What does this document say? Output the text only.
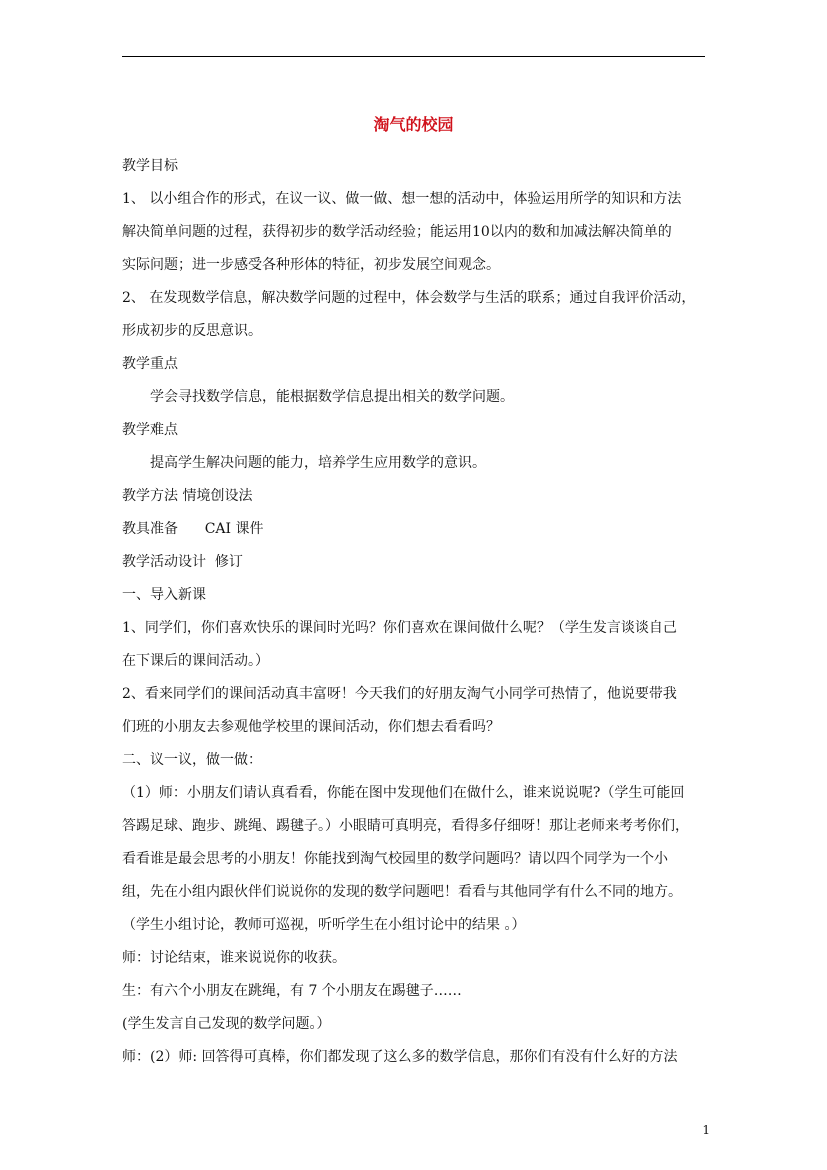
淘气的校园

教学目标

1、 以小组合作的形式，在议一议、做一做、想一想的活动中，体验运用所学的知识和方法

解决简单问题的过程，获得初步的数学活动经验；能运用10以内的数和加减法解决简单的

实际问题；进一步感受各种形体的特征，初步发展空间观念。

2、 在发现数学信息，解决数学问题的过程中，体会数学与生活的联系；通过自我评价活动，

形成初步的反思意识。

教学重点

学会寻找数学信息，能根据数学信息提出相关的数学问题。

教学难点

提高学生解决问题的能力，培养学生应用数学的意识。

教学方法 情境创设法

教具准备      CAI 课件

教学活动设计  修订

一、导入新课

1、同学们，你们喜欢快乐的课间时光吗？你们喜欢在课间做什么呢？（学生发言谈谈自己

在下课后的课间活动。）

2、看来同学们的课间活动真丰富呀！今天我们的好朋友淘气小同学可热情了，他说要带我

们班的小朋友去参观他学校里的课间活动，你们想去看看吗？

二、议一议，做一做：

（1）师：小朋友们请认真看看，你能在图中发现他们在做什么，谁来说说呢?（学生可能回

答踢足球、跑步、跳绳、踢毽子。）小眼睛可真明亮，看得多仔细呀！那让老师来考考你们，

看看谁是最会思考的小朋友！你能找到淘气校园里的数学问题吗？请以四个同学为一个小

组，先在小组内跟伙伴们说说你的发现的数学问题吧！看看与其他同学有什么不同的地方。

（学生小组讨论，教师可巡视，听听学生在小组讨论中的结果 。）

师：讨论结束，谁来说说你的收获。

生：有六个小朋友在跳绳，有 7 个小朋友在踢毽子……

(学生发言自己发现的数学问题。）

师：(2）师: 回答得可真棒，你们都发现了这么多的数学信息，那你们有没有什么好的方法

1
